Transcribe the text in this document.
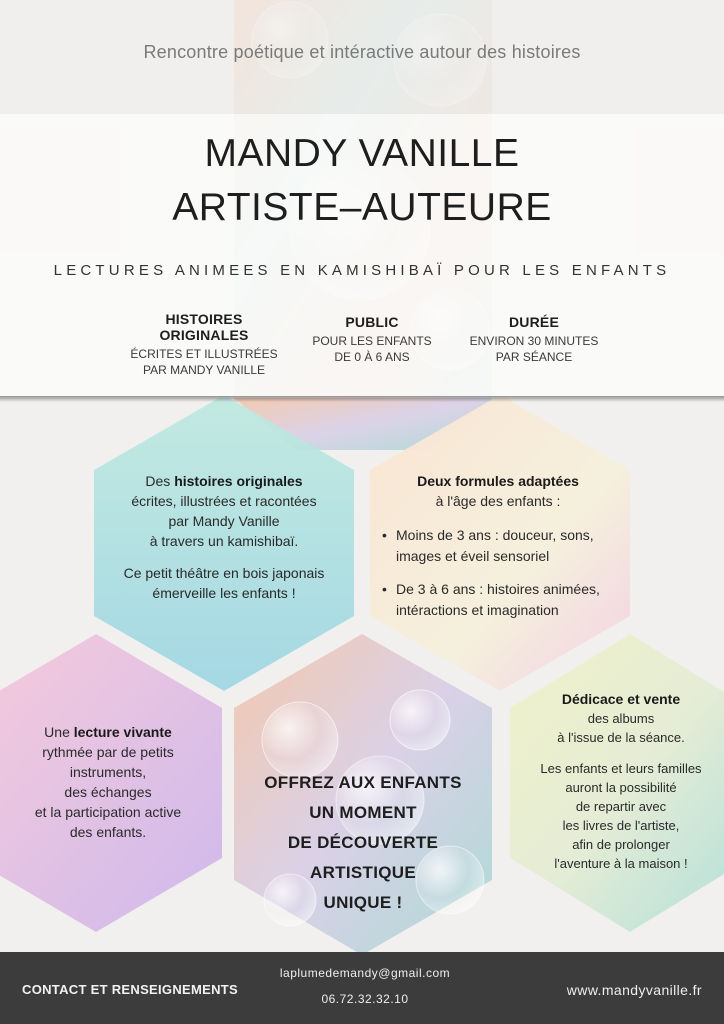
Rencontre poétique et intéractive autour des histoires
MANDY VANILLE
ARTISTE–AUTEURE
LECTURES ANIMEES EN KAMISHIBAÏ POUR LES ENFANTS
HISTOIRES ORIGINALES
ÉCRITES ET ILLUSTRÉES
PAR MANDY VANILLE
PUBLIC
POUR LES ENFANTS
DE 0 À 6 ANS
DURÉE
ENVIRON 30 MINUTES
PAR SÉANCE

Des histoires originales

écrites, illustrées et racontées

par Mandy Vanille

à travers un kamishibaï.

Ce petit théâtre en bois japonais

émerveille les enfants !

Deux formules adaptées

à l'âge des enfants :

• Moins de 3 ans : douceur, sons, images et éveil sensoriel
• De 3 à 6 ans : histoires animées, intéractions et imagination

Une lecture vivante

rythmée par de petits

instruments,

des échanges

et la participation active

des enfants.

OFFREZ AUX ENFANTS
UN MOMENT
DE DÉCOUVERTE ARTISTIQUE
UNIQUE !

Dédicace et vente

des albums

à l'issue de la séance.

Les enfants et leurs familles

auront la possibilité

de repartir avec

les livres de l'artiste,

afin de prolonger

l'aventure à la maison !

CONTACT ET RENSEIGNEMENTS
laplumedemandy@gmail.com
06.72.32.32.10
www.mandyvanille.fr
